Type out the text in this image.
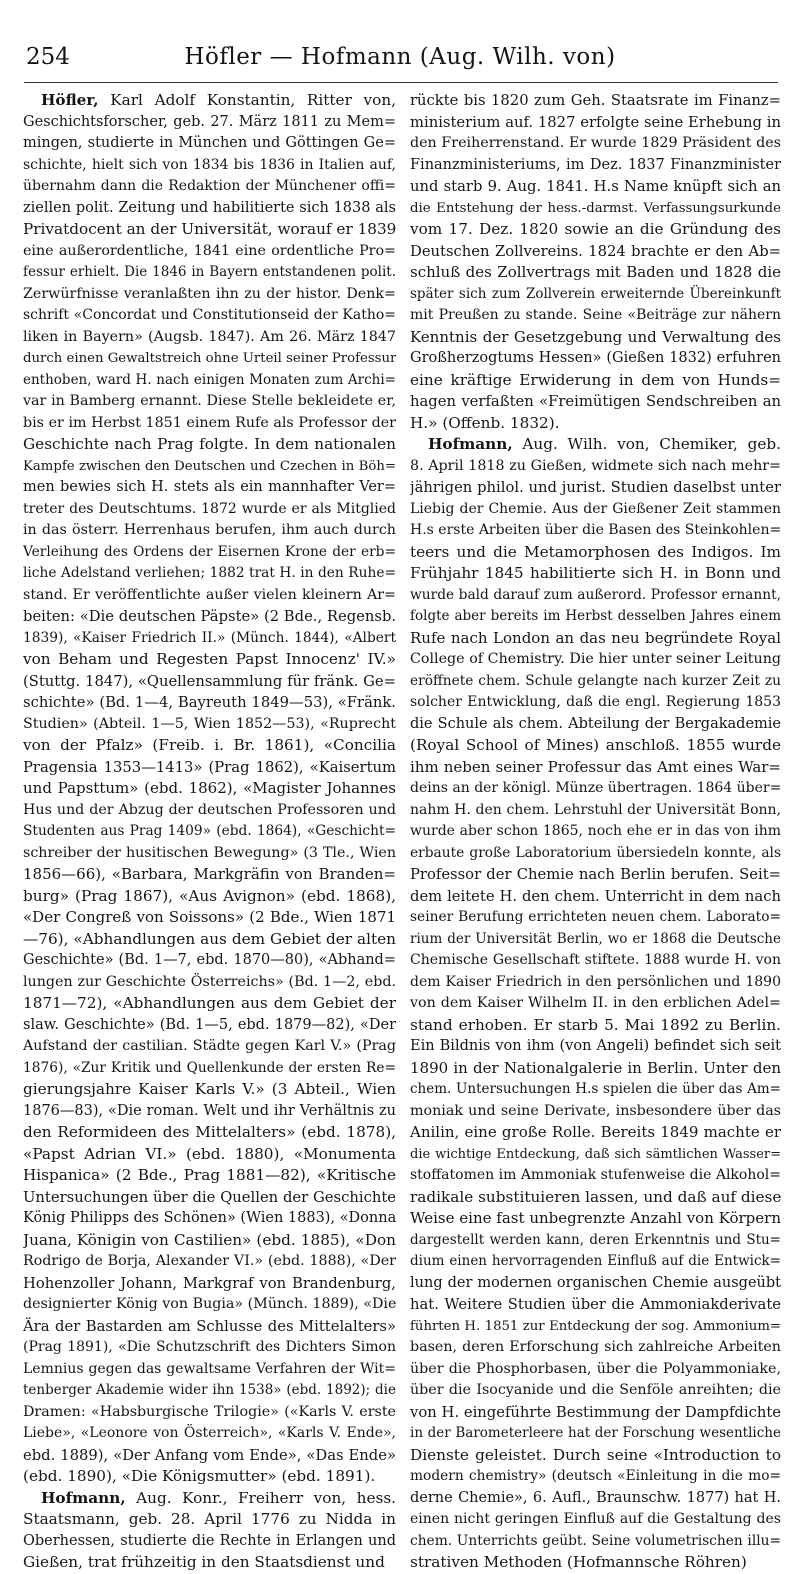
254	Höfler — Hofmann (Aug. Wilh. von)

Höfler, Karl Adolf Konstantin, Ritter von,
Geschichtsforscher, geb. 27. März 1811 zu Mem=
mingen, studierte in München und Göttingen Ge=
schichte, hielt sich von 1834 bis 1836 in Italien auf,
übernahm dann die Redaktion der Münchener offi=
ziellen polit. Zeitung und habilitierte sich 1838 als
Privatdocent an der Universität, worauf er 1839
eine außerordentliche, 1841 eine ordentliche Pro=
fessur erhielt. Die 1846 in Bayern entstandenen polit.
Zerwürfnisse veranlaßten ihn zu der histor. Denk=
schrift «Concordat und Constitutionseid der Katho=
liken in Bayern» (Augsb. 1847). Am 26. März 1847
durch einen Gewaltstreich ohne Urteil seiner Professur
enthoben, ward H. nach einigen Monaten zum Archi=
var in Bamberg ernannt. Diese Stelle bekleidete er,
bis er im Herbst 1851 einem Rufe als Professor der
Geschichte nach Prag folgte. In dem nationalen
Kampfe zwischen den Deutschen und Czechen in Böh=
men bewies sich H. stets als ein mannhafter Ver=
treter des Deutschtums. 1872 wurde er als Mitglied
in das österr. Herrenhaus berufen, ihm auch durch
Verleihung des Ordens der Eisernen Krone der erb=
liche Adelstand verliehen; 1882 trat H. in den Ruhe=
stand. Er veröffentlichte außer vielen kleinern Ar=
beiten: «Die deutschen Päpste» (2 Bde., Regensb.
1839), «Kaiser Friedrich II.» (Münch. 1844), «Albert
von Beham und Regesten Papst Innocenz' IV.»
(Stuttg. 1847), «Quellensammlung für fränk. Ge=
schichte» (Bd. 1—4, Bayreuth 1849—53), «Fränk.
Studien» (Abteil. 1—5, Wien 1852—53), «Ruprecht
von der Pfalz» (Freib. i. Br. 1861), «Concilia
Pragensia 1353—1413» (Prag 1862), «Kaisertum
und Papsttum» (ebd. 1862), «Magister Johannes
Hus und der Abzug der deutschen Professoren und
Studenten aus Prag 1409» (ebd. 1864), «Geschicht=
schreiber der husitischen Bewegung» (3 Tle., Wien
1856—66), «Barbara, Markgräfin von Branden=
burg» (Prag 1867), «Aus Avignon» (ebd. 1868),
«Der Congreß von Soissons» (2 Bde., Wien 1871
—76), «Abhandlungen aus dem Gebiet der alten
Geschichte» (Bd. 1—7, ebd. 1870—80), «Abhand=
lungen zur Geschichte Österreichs» (Bd. 1—2, ebd.
1871—72), «Abhandlungen aus dem Gebiet der
slaw. Geschichte» (Bd. 1—5, ebd. 1879—82), «Der
Aufstand der castilian. Städte gegen Karl V.» (Prag
1876), «Zur Kritik und Quellenkunde der ersten Re=
gierungsjahre Kaiser Karls V.» (3 Abteil., Wien
1876—83), «Die roman. Welt und ihr Verhältnis zu
den Reformideen des Mittelalters» (ebd. 1878),
«Papst Adrian VI.» (ebd. 1880), «Monumenta
Hispanica» (2 Bde., Prag 1881—82), «Kritische
Untersuchungen über die Quellen der Geschichte
König Philipps des Schönen» (Wien 1883), «Donna
Juana, Königin von Castilien» (ebd. 1885), «Don
Rodrigo de Borja, Alexander VI.» (ebd. 1888), «Der
Hohenzoller Johann, Markgraf von Brandenburg,
designierter König von Bugia» (Münch. 1889), «Die
Ära der Bastarden am Schlusse des Mittelalters»
(Prag 1891), «Die Schutzschrift des Dichters Simon
Lemnius gegen das gewaltsame Verfahren der Wit=
tenberger Akademie wider ihn 1538» (ebd. 1892); die
Dramen: «Habsburgische Trilogie» («Karls V. erste
Liebe», «Leonore von Österreich», «Karls V. Ende»,
ebd. 1889), «Der Anfang vom Ende», «Das Ende»
(ebd. 1890), «Die Königsmutter» (ebd. 1891).

Hofmann, Aug. Konr., Freiherr von, hess.
Staatsmann, geb. 28. April 1776 zu Nidda in
Oberhessen, studierte die Rechte in Erlangen und
Gießen, trat frühzeitig in den Staatsdienst und

rückte bis 1820 zum Geh. Staatsrate im Finanz=
ministerium auf. 1827 erfolgte seine Erhebung in
den Freiherrenstand. Er wurde 1829 Präsident des
Finanzministeriums, im Dez. 1837 Finanzminister
und starb 9. Aug. 1841. H.s Name knüpft sich an
die Entstehung der hess.-darmst. Verfassungsurkunde
vom 17. Dez. 1820 sowie an die Gründung des
Deutschen Zollvereins. 1824 brachte er den Ab=
schluß des Zollvertrags mit Baden und 1828 die
später sich zum Zollverein erweiternde Übereinkunft
mit Preußen zu stande. Seine «Beiträge zur nähern
Kenntnis der Gesetzgebung und Verwaltung des
Großherzogtums Hessen» (Gießen 1832) erfuhren
eine kräftige Erwiderung in dem von Hunds=
hagen verfaßten «Freimütigen Sendschreiben an
H.» (Offenb. 1832).

Hofmann, Aug. Wilh. von, Chemiker, geb.
8. April 1818 zu Gießen, widmete sich nach mehr=
jährigen philol. und jurist. Studien daselbst unter
Liebig der Chemie. Aus der Gießener Zeit stammen
H.s erste Arbeiten über die Basen des Steinkohlen=
teers und die Metamorphosen des Indigos. Im
Frühjahr 1845 habilitierte sich H. in Bonn und
wurde bald darauf zum außerord. Professor ernannt,
folgte aber bereits im Herbst desselben Jahres einem
Rufe nach London an das neu begründete Royal
College of Chemistry. Die hier unter seiner Leitung
eröffnete chem. Schule gelangte nach kurzer Zeit zu
solcher Entwicklung, daß die engl. Regierung 1853
die Schule als chem. Abteilung der Bergakademie
(Royal School of Mines) anschloß. 1855 wurde
ihm neben seiner Professur das Amt eines War=
deins an der königl. Münze übertragen. 1864 über=
nahm H. den chem. Lehrstuhl der Universität Bonn,
wurde aber schon 1865, noch ehe er in das von ihm
erbaute große Laboratorium übersiedeln konnte, als
Professor der Chemie nach Berlin berufen. Seit=
dem leitete H. den chem. Unterricht in dem nach
seiner Berufung errichteten neuen chem. Laborato=
rium der Universität Berlin, wo er 1868 die Deutsche
Chemische Gesellschaft stiftete. 1888 wurde H. von
dem Kaiser Friedrich in den persönlichen und 1890
von dem Kaiser Wilhelm II. in den erblichen Adel=
stand erhoben. Er starb 5. Mai 1892 zu Berlin.
Ein Bildnis von ihm (von Angeli) befindet sich seit
1890 in der Nationalgalerie in Berlin. Unter den
chem. Untersuchungen H.s spielen die über das Am=
moniak und seine Derivate, insbesondere über das
Anilin, eine große Rolle. Bereits 1849 machte er
die wichtige Entdeckung, daß sich sämtlichen Wasser=
stoffatomen im Ammoniak stufenweise die Alkohol=
radikale substituieren lassen, und daß auf diese
Weise eine fast unbegrenzte Anzahl von Körpern
dargestellt werden kann, deren Erkenntnis und Stu=
dium einen hervorragenden Einfluß auf die Entwick=
lung der modernen organischen Chemie ausgeübt
hat. Weitere Studien über die Ammoniakderivate
führten H. 1851 zur Entdeckung der sog. Ammonium=
basen, deren Erforschung sich zahlreiche Arbeiten
über die Phosphorbasen, über die Polyammoniake,
über die Isocyanide und die Senföle anreihten; die
von H. eingeführte Bestimmung der Dampfdichte
in der Barometerleere hat der Forschung wesentliche
Dienste geleistet. Durch seine «Introduction to
modern chemistry» (deutsch «Einleitung in die mo=
derne Chemie», 6. Aufl., Braunschw. 1877) hat H.
einen nicht geringen Einfluß auf die Gestaltung des
chem. Unterrichts geübt. Seine volumetrischen illu=
strativen Methoden (Hofmannsche Röhren)
